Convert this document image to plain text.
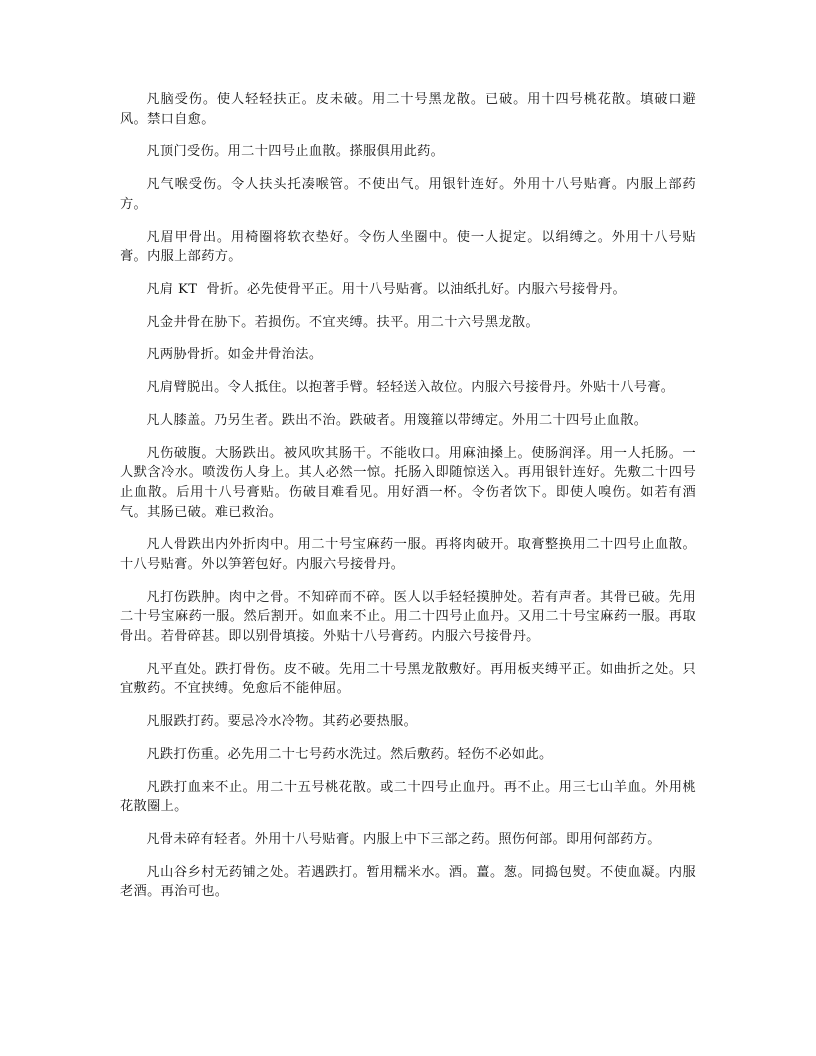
凡脑受伤。使人轻轻扶正。皮未破。用二十号黑龙散。已破。用十四号桃花散。填破口避风。禁口自愈。

凡顶门受伤。用二十四号止血散。搽服俱用此药。

凡气喉受伤。令人扶头托凑喉管。不使出气。用银针连好。外用十八号贴膏。内服上部药方。

凡眉甲骨出。用椅圈将软衣垫好。令伤人坐圈中。使一人捉定。以绢缚之。外用十八号贴膏。内服上部药方。

凡肩 KT  骨折。必先使骨平正。用十八号贴膏。以油纸扎好。内服六号接骨丹。

凡金井骨在胁下。若损伤。不宜夹缚。扶平。用二十六号黑龙散。

凡两胁骨折。如金井骨治法。

凡肩臂脱出。令人抵住。以抱著手臂。轻轻送入故位。内服六号接骨丹。外贴十八号膏。

凡人膝盖。乃另生者。跌出不治。跌破者。用篾箍以带缚定。外用二十四号止血散。

凡伤破腹。大肠跌出。被风吹其肠干。不能收口。用麻油搡上。使肠润泽。用一人托肠。一人默含冷水。喷泼伤人身上。其人必然一惊。托肠入即随惊送入。再用银针连好。先敷二十四号止血散。后用十八号膏贴。伤破目难看见。用好酒一杯。令伤者饮下。即使人嗅伤。如若有酒气。其肠已破。难已救治。

凡人骨跌出内外折肉中。用二十号宝麻药一服。再将肉破开。取膏整换用二十四号止血散。十八号贴膏。外以笋箬包好。内服六号接骨丹。

凡打伤跌肿。肉中之骨。不知碎而不碎。医人以手轻轻摸肿处。若有声者。其骨已破。先用二十号宝麻药一服。然后割开。如血来不止。用二十四号止血丹。又用二十号宝麻药一服。再取骨出。若骨碎甚。即以别骨填接。外贴十八号膏药。内服六号接骨丹。

凡平直处。跌打骨伤。皮不破。先用二十号黑龙散敷好。再用板夹缚平正。如曲折之处。只宜敷药。不宜挟缚。免愈后不能伸屈。

凡服跌打药。要忌冷水冷物。其药必要热服。

凡跌打伤重。必先用二十七号药水洗过。然后敷药。轻伤不必如此。

凡跌打血来不止。用二十五号桃花散。或二十四号止血丹。再不止。用三七山羊血。外用桃花散圈上。

凡骨未碎有轻者。外用十八号贴膏。内服上中下三部之药。照伤何部。即用何部药方。

凡山谷乡村无药铺之处。若遇跌打。暂用糯米水。酒。薑。葱。同捣包熨。不使血凝。内服老酒。再治可也。
